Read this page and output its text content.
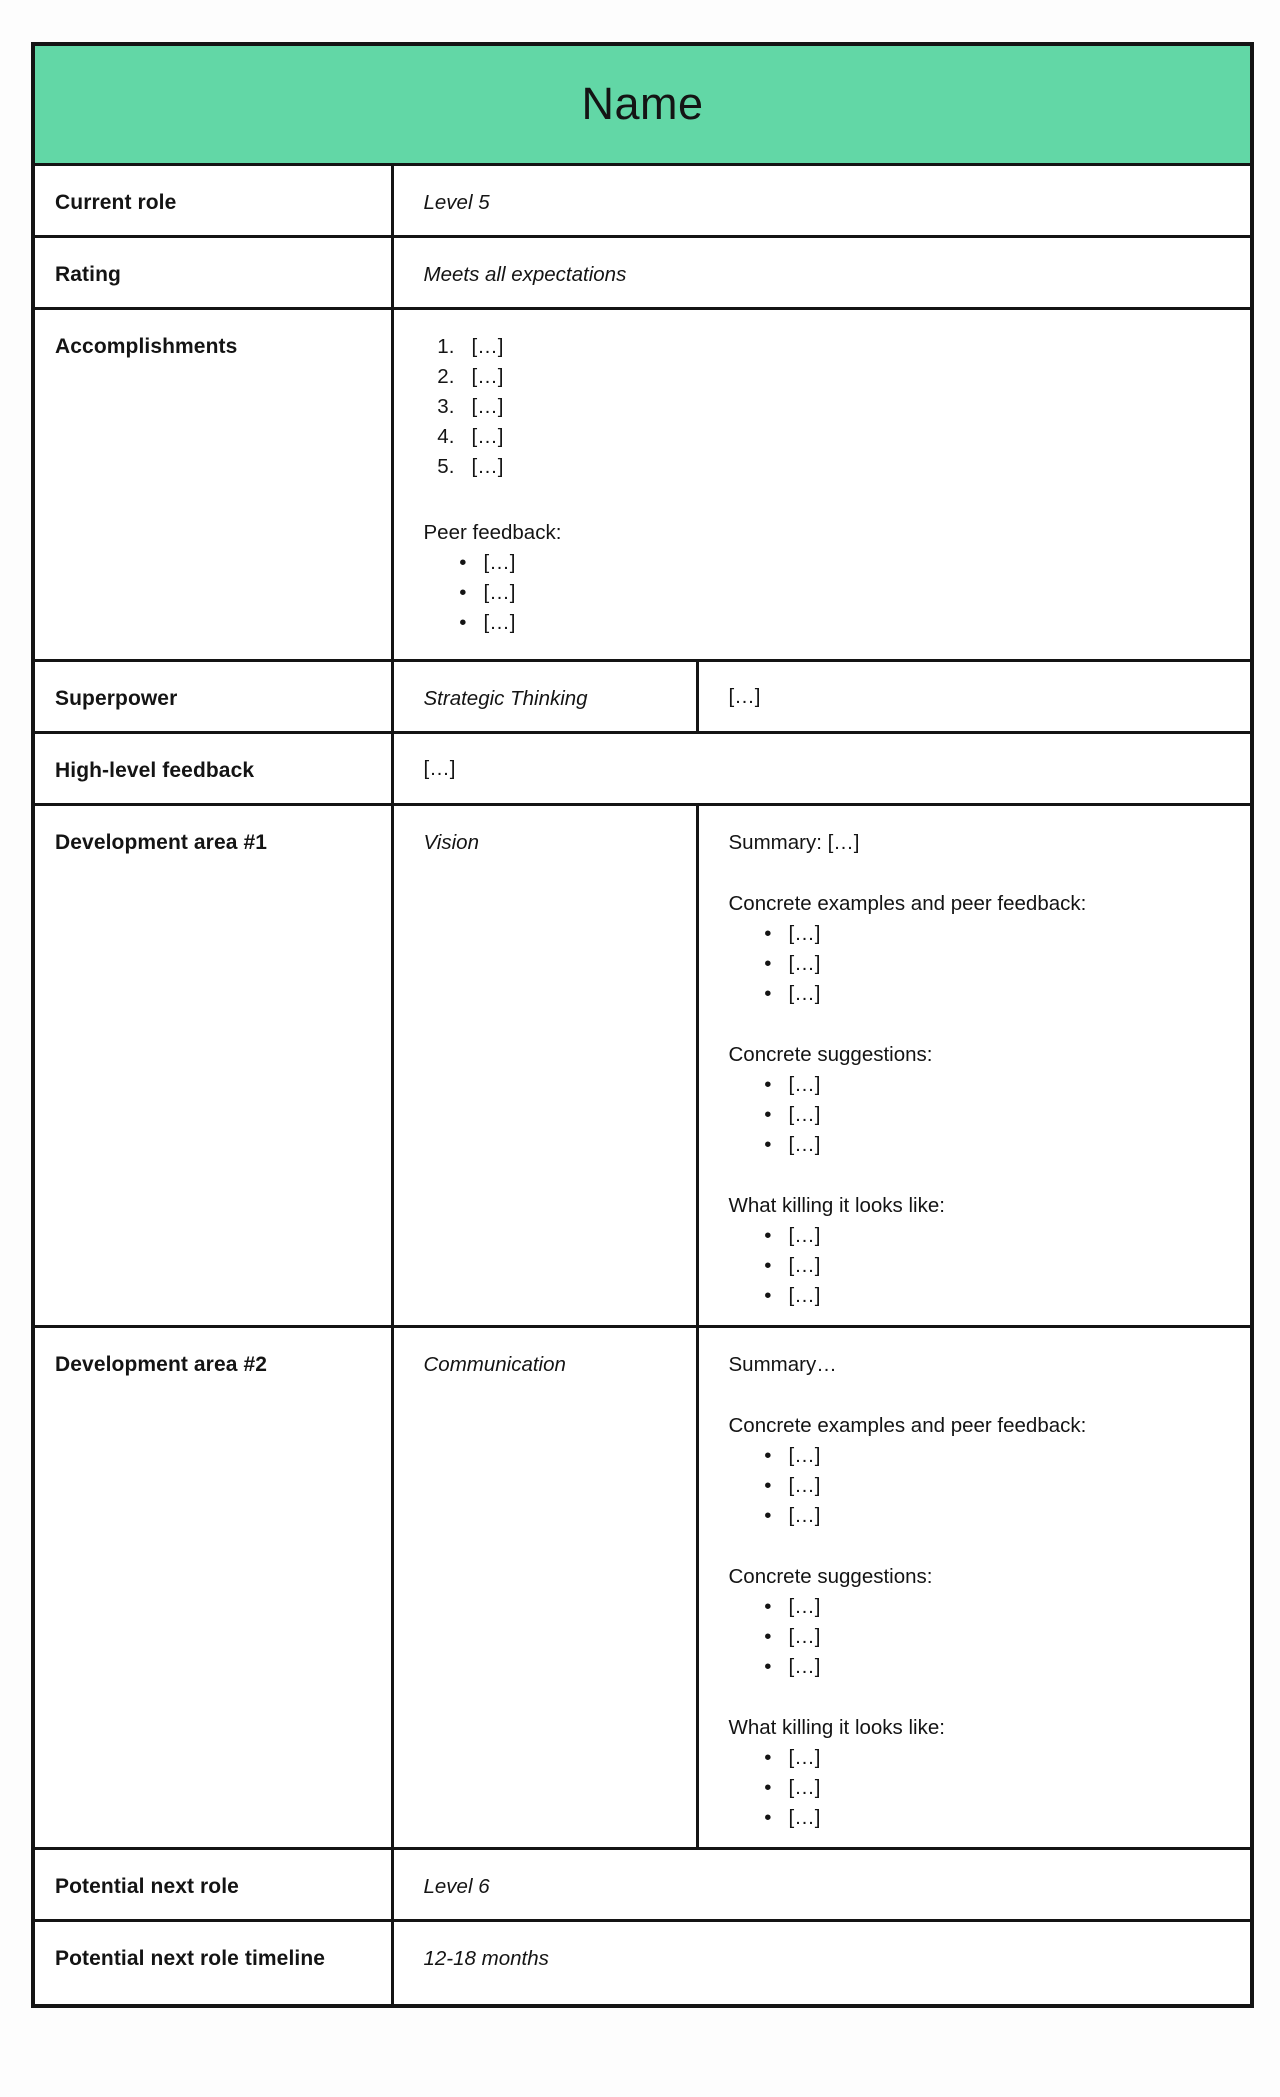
Name		
Current role	Level 5	
Rating	Meets all expectations	
Accomplishments	
1.[…]
2. […]
3. […]
4. […]
5. […]

Peer feedback:

• […]
• […]
• […]

Superpower	Strategic Thinking	[…]
High-level feedback	[…]	
Development area #1	Vision	Summary: […]

Concrete examples and peer feedback:

• […]
• […]
• […]

Concrete suggestions:

• […]
• […]
• […]

What killing it looks like:

• […]
• […]
• […]

Development area #2	Communication	Summary…

Concrete examples and peer feedback:

• […]
• […]
• […]

Concrete suggestions:

• […]
• […]
• […]

What killing it looks like:

• […]
• […]
• […]

Potential next role	Level 6	
Potential next role timeline	12-18 months	
